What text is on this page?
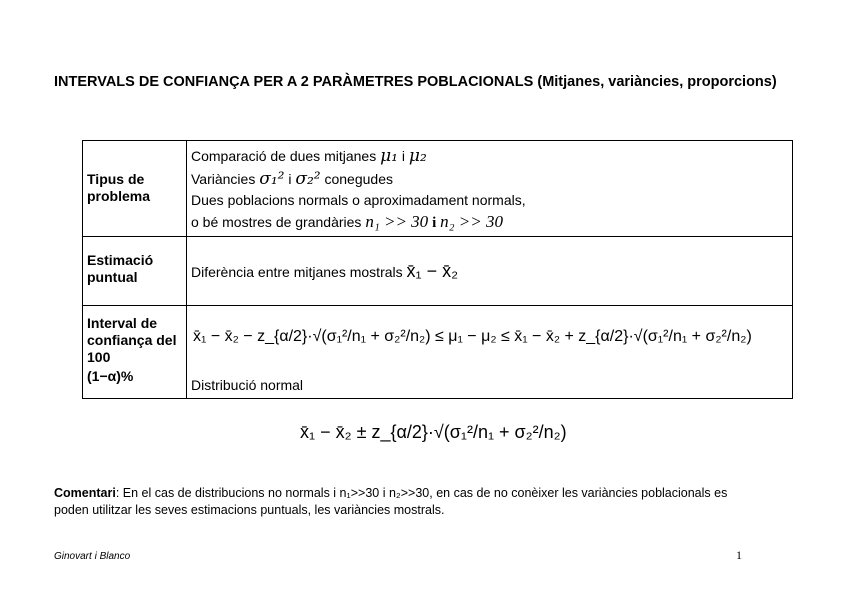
INTERVALS DE CONFIANÇA PER A 2 PARÀMETRES POBLACIONALS (Mitjanes, variàncies, proporcions)
Tipus de problema
Comparació de dues mitjanes μ₁ i μ₂
Variàncies σ₁² i σ₂² conegudes
Dues poblacions normals o aproximadament normals,
o bé mostres de grandàries n₁ >> 30 i n₂ >> 30
Estimació puntual	Diferència entre mitjanes mostrals x̄₁ − x̄₂
Interval de confiança del 100
(1−α)%
x̄₁ − x̄₂ − z_{α/2}·√(σ₁²/n₁ + σ₂²/n₂) ≤ μ₁ − μ₂ ≤ x̄₁ − x̄₂ + z_{α/2}·√(σ₁²/n₁ + σ₂²/n₂)
Distribució normal
x̄₁ − x̄₂ ± z_{α/2}·√(σ₁²/n₁ + σ₂²/n₂)
Comentari: En el cas de distribucions no normals i n₁>>30 i n₂>>30, en cas de no conèixer les variàncies poblacionals es poden utilitzar les seves estimacions puntuals, les variàncies mostrals.
Ginovart i Blanco	1
